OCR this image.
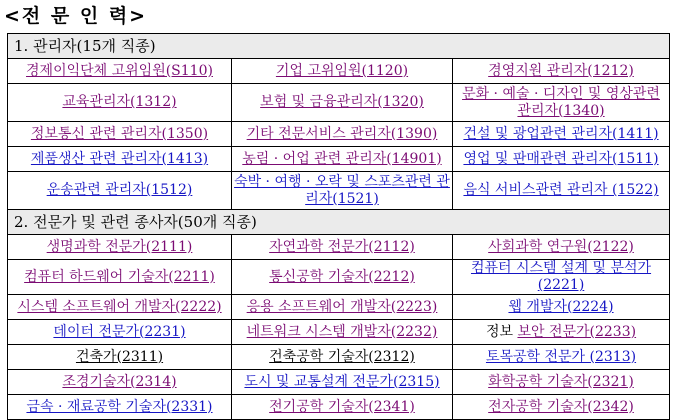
<전 문 인 력>
1. 관리자(15개 직종)		
경제이익단체 고위임원(S110)	기업 고위임원(1120)	경영지원 관리자(1212)
교육관리자(1312)	보험 및 금융관리자(1320)	문화 · 예술 · 디자인 및 영상관련 관리자(1340)
정보통신 관련 관리자(1350)	기타 전문서비스 관리자(1390)	건설 및 광업관련 관리자(1411)
제품생산 관련 관리자(1413)	농림 · 어업 관련 관리자(14901)	영업 및 판매관련 관리자(1511)
운송관련 관리자(1512)	숙박 · 여행 · 오락 및 스포츠관련 관리자(1521)	음식 서비스관련 관리자 (1522)
2. 전문가 및 관련 종사자(50개 직종)		
생명과학 전문가(2111)	자연과학 전문가(2112)	사회과학 연구원(2122)
컴퓨터 하드웨어 기술자(2211)	통신공학 기술자(2212)	컴퓨터 시스템 설계 및 분석가(2221)
시스템 소프트웨어 개발자(2222)	응용 소프트웨어 개발자(2223)	웹 개발자(2224)
데이터 전문가(2231)	네트워크 시스템 개발자(2232)	정보 보안 전문가(2233)
건축가(2311)	건축공학 기술자(2312)	토목공학 전문가 (2313)
조경기술자(2314)	도시 및 교통설계 전문가(2315)	화학공학 기술자(2321)
금속 · 재료공학 기술자(2331)	전기공학 기술자(2341)	전자공학 기술자(2342)
